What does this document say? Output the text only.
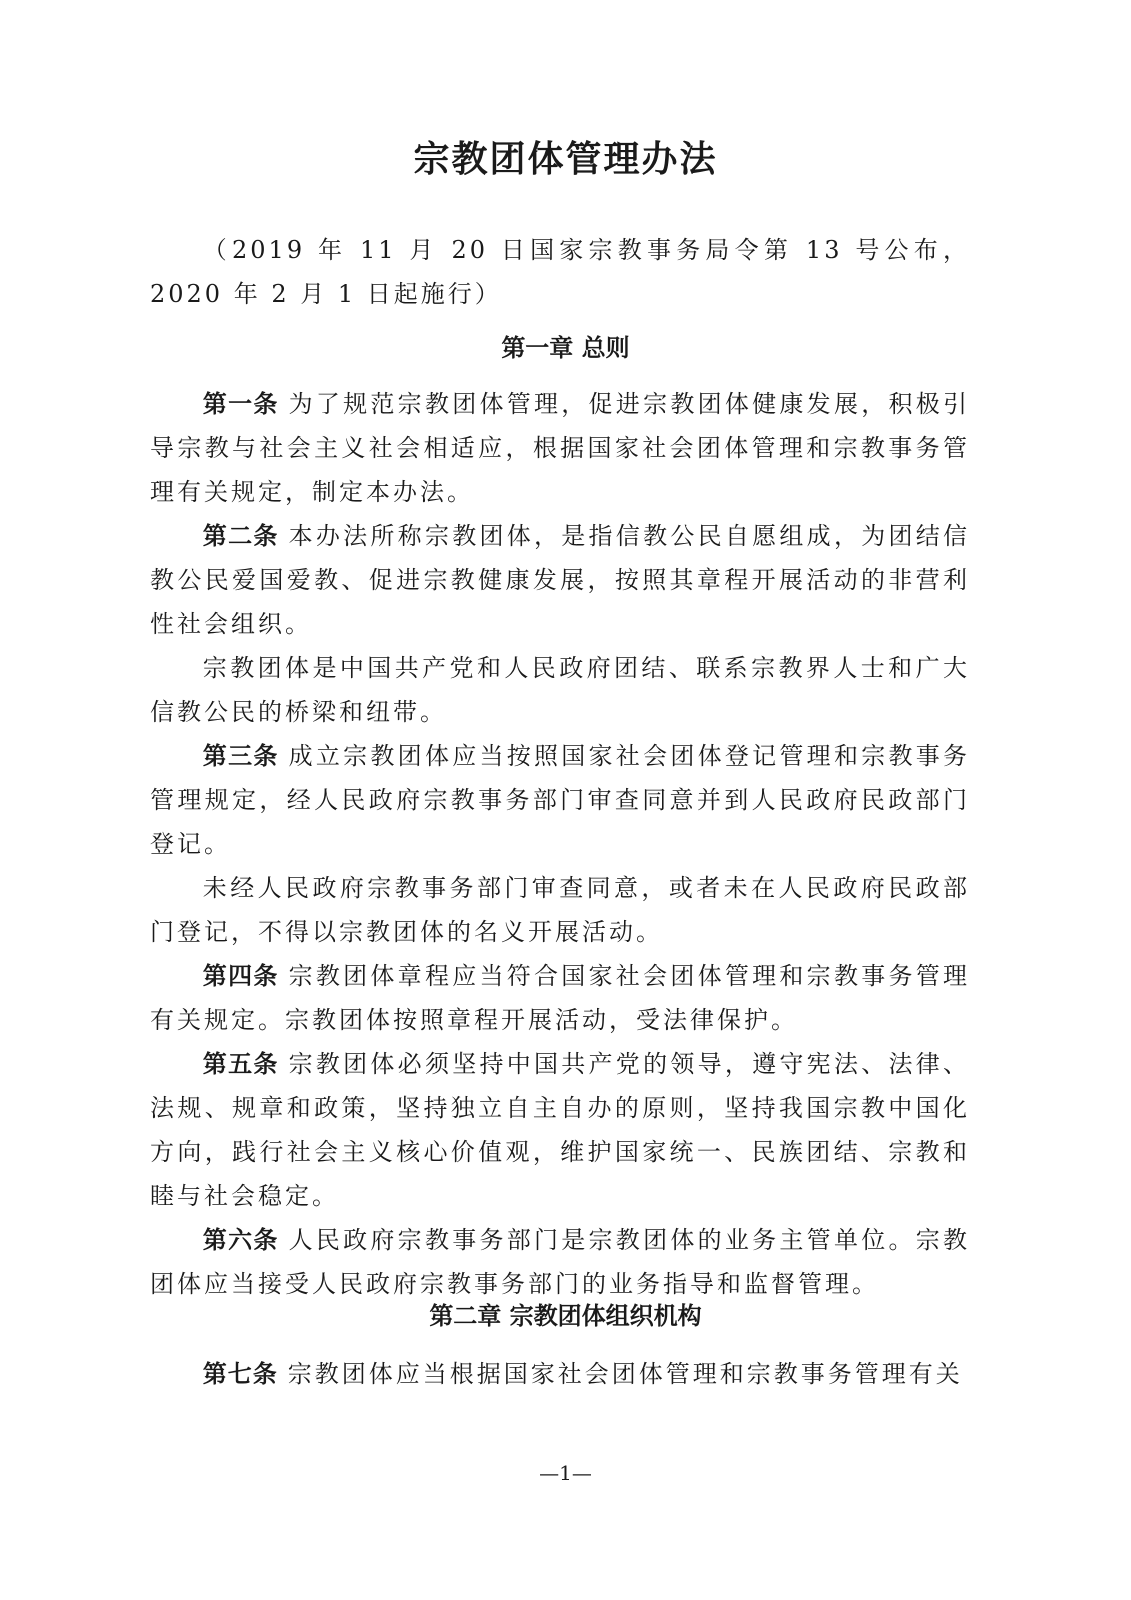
宗教团体管理办法

（2019 年 11 月 20 日国家宗教事务局令第 13 号公布，2020 年 2 月 1 日起施行）

第一章 总则

第一条 为了规范宗教团体管理，促进宗教团体健康发展，积极引导宗教与社会主义社会相适应，根据国家社会团体管理和宗教事务管理有关规定，制定本办法。

第二条 本办法所称宗教团体，是指信教公民自愿组成，为团结信教公民爱国爱教、促进宗教健康发展，按照其章程开展活动的非营利性社会组织。

宗教团体是中国共产党和人民政府团结、联系宗教界人士和广大信教公民的桥梁和纽带。

第三条 成立宗教团体应当按照国家社会团体登记管理和宗教事务管理规定，经人民政府宗教事务部门审查同意并到人民政府民政部门登记。

未经人民政府宗教事务部门审查同意，或者未在人民政府民政部门登记，不得以宗教团体的名义开展活动。

第四条 宗教团体章程应当符合国家社会团体管理和宗教事务管理有关规定。宗教团体按照章程开展活动，受法律保护。

第五条 宗教团体必须坚持中国共产党的领导，遵守宪法、法律、法规、规章和政策，坚持独立自主自办的原则，坚持我国宗教中国化方向，践行社会主义核心价值观，维护国家统一、民族团结、宗教和睦与社会稳定。

第六条 人民政府宗教事务部门是宗教团体的业务主管单位。宗教团体应当接受人民政府宗教事务部门的业务指导和监督管理。

第二章 宗教团体组织机构

第七条 宗教团体应当根据国家社会团体管理和宗教事务管理有关

—1—
